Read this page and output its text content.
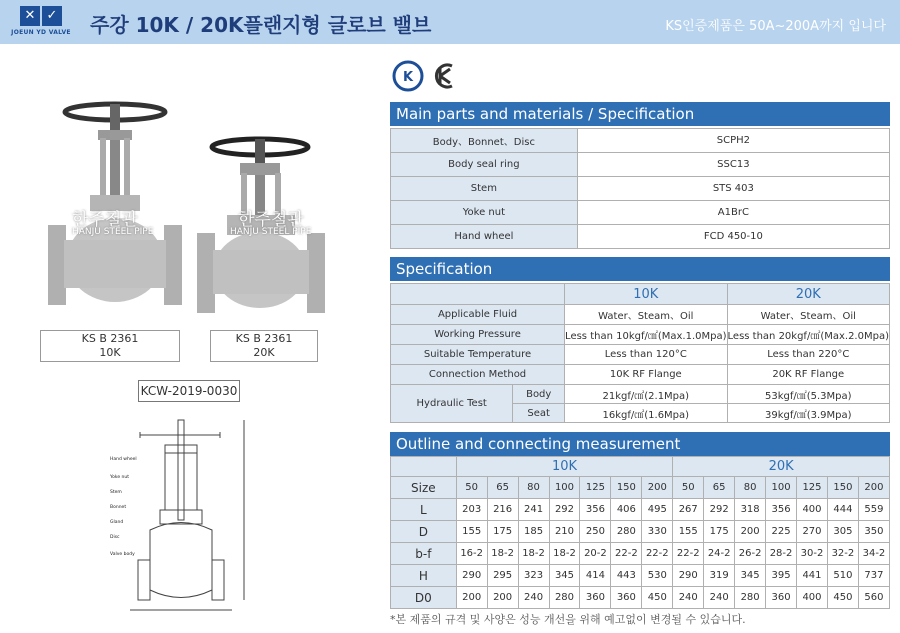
✕ ✓
JOEUN YD VALVE 주강 10K / 20K플랜지형 글로브 밸브	KS인증제품은 50A~200A까지 입니다
K
한주철관
HANJU STEEL PIPE
한주철관
HANJU STEEL PIPE
KS B 2361
10K
KS B 2361
20K
KCW-2019-0030
Hand wheel
Yoke nut
Stem
Bonnet
Gland
Disc
Valve body
Main parts and materials / Specification
Body、Bonnet、Disc	SCPH2
Body seal ring	SSC13
Stem	STS 403
Yoke nut	A1BrC
Hand wheel	FCD 450-10
Specification
		10K	20K
Applicable Fluid		Water、Steam、Oil	Water、Steam、Oil
Working Pressure		Less than 10kgf/㎠(Max.1.0Mpa)	Less than 20kgf/㎠(Max.2.0Mpa)
Suitable Temperature		Less than 120°C	Less than 220°C
Connection Method		10K RF Flange	20K RF Flange
Hydraulic Test	Body	21kgf/㎠(2.1Mpa)	53kgf/㎠(5.3Mpa)
	Seat	16kgf/㎠(1.6Mpa)	39kgf/㎠(3.9Mpa)
Outline and connecting measurement
	10K							20K						
Size	50	65	80	100	125	150	200	50	65	80	100	125	150	200
L	203	216	241	292	356	406	495	267	292	318	356	400	444	559
D	155	175	185	210	250	280	330	155	175	200	225	270	305	350
b-f	16-2	18-2	18-2	18-2	20-2	22-2	22-2	22-2	24-2	26-2	28-2	30-2	32-2	34-2
H	290	295	323	345	414	443	530	290	319	345	395	441	510	737
D0	200	200	240	280	360	360	450	240	240	280	360	400	450	560
*본 제품의 규격 및 사양은 성능 개선을 위해 예고없이 변경될 수 있습니다.
